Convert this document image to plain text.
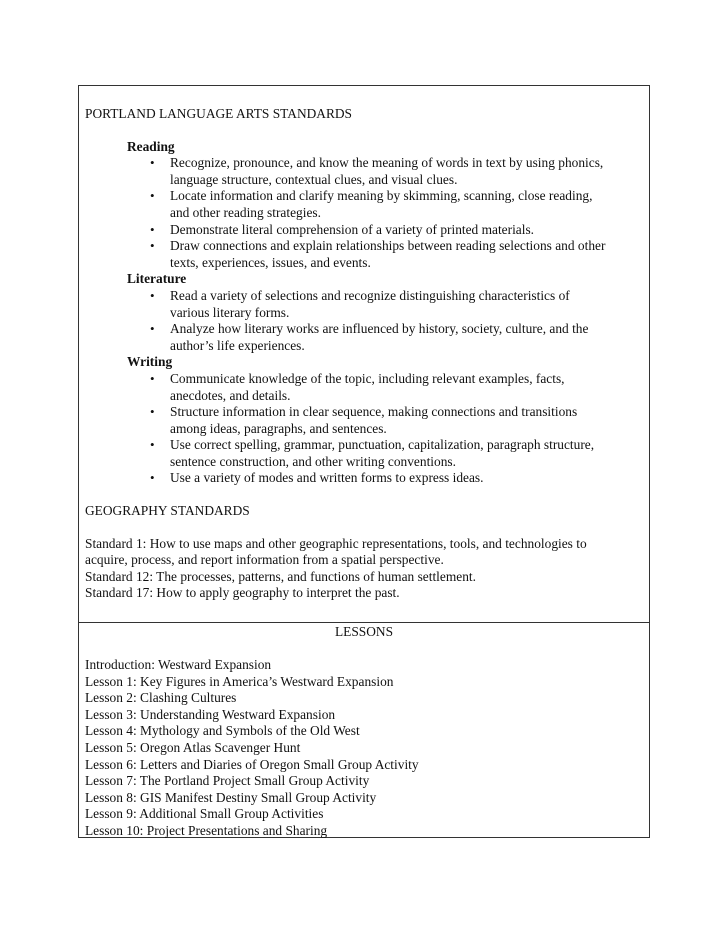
PORTLAND LANGUAGE ARTS STANDARDS
Reading
• Recognize, pronounce, and know the meaning of words in text by using phonics,
language structure, contextual clues, and visual clues.
• Locate information and clarify meaning by skimming, scanning, close reading,
and other reading strategies.
• Demonstrate literal comprehension of a variety of printed materials.
• Draw connections and explain relationships between reading selections and other
texts, experiences, issues, and events.
Literature
• Read a variety of selections and recognize distinguishing characteristics of
various literary forms.
• Analyze how literary works are influenced by history, society, culture, and the
author’s life experiences.
Writing
• Communicate knowledge of the topic, including relevant examples, facts,
anecdotes, and details.
• Structure information in clear sequence, making connections and transitions
among ideas, paragraphs, and sentences.
• Use correct spelling, grammar, punctuation, capitalization, paragraph structure,
sentence construction, and other writing conventions.
• Use a variety of modes and written forms to express ideas.
GEOGRAPHY STANDARDS
Standard 1: How to use maps and other geographic representations, tools, and technologies to
acquire, process, and report information from a spatial perspective.
Standard 12: The processes, patterns, and functions of human settlement.
Standard 17: How to apply geography to interpret the past.
LESSONS
Introduction: Westward Expansion
Lesson 1: Key Figures in America’s Westward Expansion
Lesson 2: Clashing Cultures
Lesson 3: Understanding Westward Expansion
Lesson 4: Mythology and Symbols of the Old West
Lesson 5: Oregon Atlas Scavenger Hunt
Lesson 6: Letters and Diaries of Oregon Small Group Activity
Lesson 7: The Portland Project Small Group Activity
Lesson 8: GIS Manifest Destiny Small Group Activity
Lesson 9: Additional Small Group Activities
Lesson 10: Project Presentations and Sharing
